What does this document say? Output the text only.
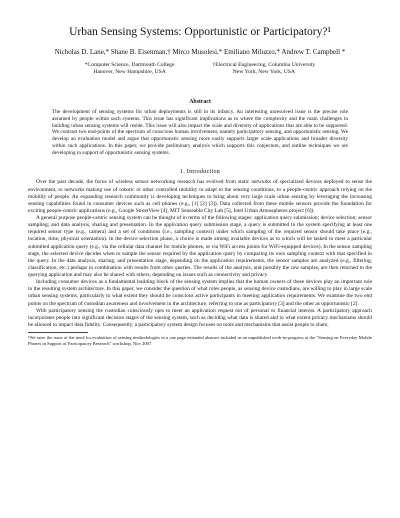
Urban Sensing Systems: Opportunistic or Participatory?¹
Nicholas D. Lane,* Shane B. Eisenman,† Mirco Musolesi,* Emiliano Miluzzo,* Andrew T. Campbell *
*Computer Science, Dartmouth College
Hanover, New Hampshire, USA
†Electrical Engineering, Columbia University
New York, New York, USA
Abstract
The development of sensing systems for urban deployments is still in its infancy. An interesting unresolved issue is the precise role assumed by people within such systems. This issue has significant implications as to where the complexity and the main challenges in building urban sensing systems will reside. This issue will also impact the scale and diversity of applications that are able to be supported. We contrast two end-points of the spectrum of conscious human involvement, namely participatory sensing, and opportunistic sensing. We develop an evaluation model and argue that opportunistic sensing more easily supports larger scale applications and broader diversity within such applications. In this paper, we provide preliminary analysis which supports this conjecture, and outline techniques we are developing in support of opportunistic sensing systems.
1. Introduction

Over the past decade, the focus of wireless sensor networking research has evolved from static networks of specialized devices deployed to sense the environment, to networks making use of robotic or other controlled mobility to adapt to the sensing conditions, to a people-centric approach relying on the mobility of people. An expanding research community is developing techniques to bring about very large scale urban sensing by leveraging the increasing sensing capabilities found in consumer devices such as cell phones (e.g., [1] [2] [3]). Data collected from these mobile sensors provide the foundation for exciting people-centric applications (e.g., Google StreetView [4], MIT Senseable City Lab [5], Intel Urban Atmospheres project [6]).

A general purpose people-centric sensing system can be thought of in terms of the following stages: application query submission; device selection; sensor sampling; and data analysis, sharing and presentation. In the application query submission stage, a query is submitted to the system specifying at least one required sensor type (e.g., camera) and a set of conditions (i.e., sampling context) under which sampling of the required sensor should take place (e.g., location, time, physical orientation). In the device selection phase, a choice is made among available devices as to which will be tasked to meet a particular submitted application query (e.g., via the cellular data channel for mobile phones, or via WiFi access points for WiFi-equipped devices). In the sensor sampling stage, the selected device decides when to sample the sensor required by the application query by comparing its own sampling context with that specified in the query. In the data analysis, sharing, and presentation stage, depending on the application requirements, the sensor samples are analyzed (e.g., filtering, classification, etc.) perhaps in combination with results from other queries. The results of the analysis, and possibly the raw samples, are then returned to the querying application and may also be shared with others, depending on issues such as connectivity and privacy.

Including consumer devices as a fundamental building block of the sensing system implies that the human owners of these devices play an important role in the resulting system architecture. In this paper, we consider the question of what roles people, as sensing device custodians, are willing to play in large scale urban sensing systems, particularly to what extent they should be conscious active participants in meeting application requirements. We examine the two end points on the spectrum of custodian awareness and involvement in the architecture, referring to one as participatory [3] and the other as opportunistic [2].

With participatory sensing the custodian consciously opts to meet an application request out of personal or financial interest. A participatory approach incorporates people into significant decision stages of the sensing system, such as deciding what data is shared and to what extent privacy mechanisms should be allowed to impact data fidelity. Consequently, a participatory system design focuses on tools and mechanisms that assist people to share,

¹We raise the issue of the need for evaluation of sensing methodologies in a one page extended abstract included as an unpublished work-in-progress at the "Sensing on Everyday Mobile Phones in Support of Participatory Research" workshop, Nov 2007.
